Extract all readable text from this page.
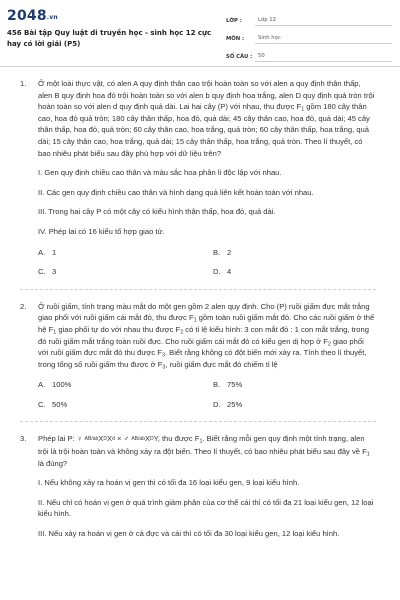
2048.vn
456 Bài tập Quy luật di truyền học - sinh học 12 cực hay có lời giải (P5)
LỚP :	Lớp 12
MÔN :	Sinh học
SỐ CÂU :	50
1. Ở một loài thực vật, có alen A quy định thân cao trội hoàn toàn so với alen a quy định thân thấp, alen B quy định hoa đỏ trội hoàn toàn so với alen b quy định hoa trắng, alen D quy định quả tròn trội hoàn toàn so với alen d quy định quả dài. Lai hai cây (P) với nhau, thu được $F_1$ gồm 180 cây thân cao, hoa đỏ quả tròn; 180 cây thân thấp, hoa đỏ, quả dài; 45 cây thân cao, hoa đỏ, quả dài; 45 cây thân thấp, hoa đỏ, quả tròn; 60 cây thân cao, hoa trắng, quả tròn; 60 cây thân thấp, hoa trắng, quả dài; 15 cây thân cao, hoa trắng, quả dài; 15 cây thân thấp, hoa trắng, quả tròn. Theo lí thuyết, có bao nhiêu phát biểu sau đây phù hợp với dữ liệu trên?

I. Gen quy định chiều cao thân và màu sắc hoa phân li độc lập với nhau.

II. Các gen quy định chiều cao thân và hình dạng quả liên kết hoàn toàn với nhau.

III. Trong hai cây P có một cây có kiểu hình thân thấp, hoa đỏ, quả dài.

IV. Phép lai có 16 kiểu tổ hợp giao tử.

A. 1	B. 2
C. 3	D. 4
2. Ở ruồi giấm, tính trạng màu mắt do một gen gồm 2 alen quy định. Cho (P) ruồi giấm đực mắt trắng giao phối với ruồi giấm cái mắt đỏ, thu được $F_1$ gồm toàn ruồi giấm mắt đỏ. Cho các ruồi giấm ở thế hệ $F_1$ giao phối tự do với nhau thu được $F_2$ có tỉ lệ kiểu hình: 3 con mắt đỏ : 1 con mắt trắng, trong đó ruồi giấm mắt trắng toàn ruồi đực. Cho ruồi giấm cái mắt đỏ có kiểu gen dị hợp ở $F_2$ giao phối với ruồi giấm đực mắt đỏ thu được $F_3$. Biết rằng không có đột biến mới xảy ra. Tính theo lí thuyết, trong tổng số ruồi giấm thu được ở $F_3$, ruồi giấm đực mắt đỏ chiếm tỉ lệ

A. 100%	B. 75%
C. 50%	D. 25%
3. Phép lai P: ♀ $AB/abX^DX^d$ × ♂ AB/abX$^D$Y, thu được $F_1$. Biết rằng mỗi gen quy định một tính trạng, alen trội là trội hoàn toàn và không xảy ra đột biến. Theo lí thuyết, có bao nhiêu phát biểu sau đây về $F_1$ là đúng?

I. Nếu không xảy ra hoán vị gen thì có tối đa 16 loại kiểu gen, 9 loại kiểu hình.

II. Nếu chỉ có hoán vị gen ở quá trình giảm phân của cơ thể cái thì có tối đa 21 loại kiểu gen, 12 loại kiểu hình.

III. Nếu xảy ra hoán vị gen ở cả đực và cái thì có tối đa 30 loại kiểu gen, 12 loại kiểu hình.
